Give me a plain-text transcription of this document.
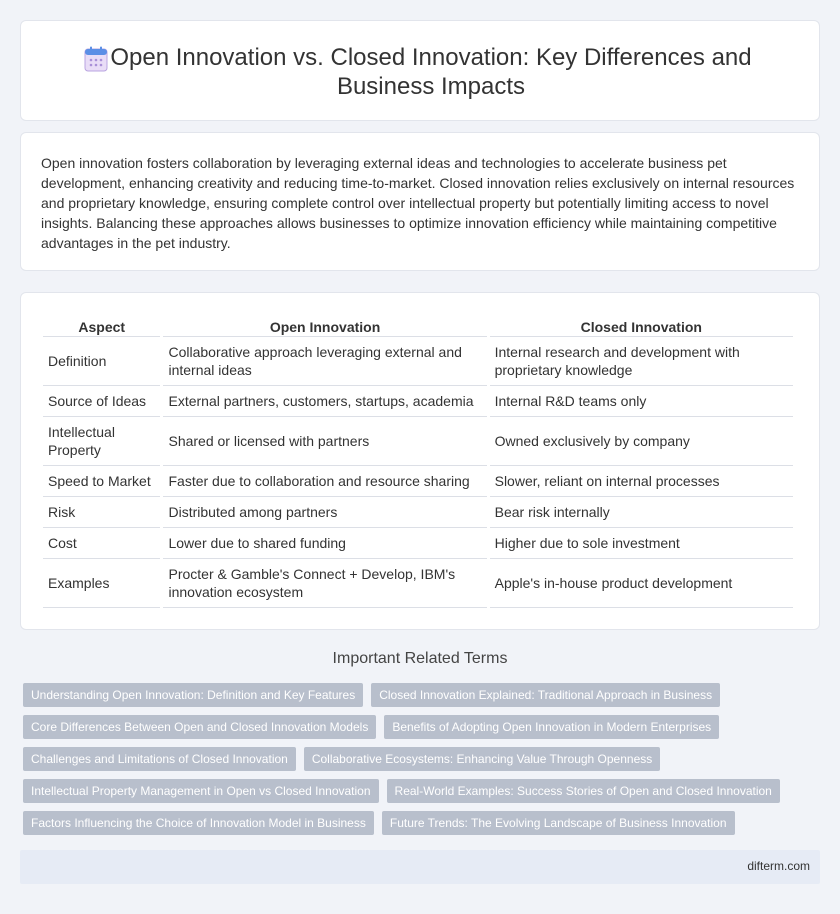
Open Innovation vs. Closed Innovation: Key Differences and Business Impacts

Open innovation fosters collaboration by leveraging external ideas and technologies to accelerate business pet development, enhancing creativity and reducing time-to-market. Closed innovation relies exclusively on internal resources and proprietary knowledge, ensuring complete control over intellectual property but potentially limiting access to novel insights. Balancing these approaches allows businesses to optimize innovation efficiency while maintaining competitive advantages in the pet industry.

Aspect	Open Innovation	Closed Innovation
Definition	Collaborative approach leveraging external and internal ideas	Internal research and development with proprietary knowledge
Source of Ideas	External partners, customers, startups, academia	Internal R&D teams only
Intellectual Property	Shared or licensed with partners	Owned exclusively by company
Speed to Market	Faster due to collaboration and resource sharing	Slower, reliant on internal processes
Risk	Distributed among partners	Bear risk internally
Cost	Lower due to shared funding	Higher due to sole investment
Examples	Procter & Gamble's Connect + Develop, IBM's innovation ecosystem	Apple's in-house product development
Important Related Terms
Understanding Open Innovation: Definition and Key Features	Closed Innovation Explained: Traditional Approach in Business
Core Differences Between Open and Closed Innovation Models	Benefits of Adopting Open Innovation in Modern Enterprises
Challenges and Limitations of Closed Innovation	Collaborative Ecosystems: Enhancing Value Through Openness
Intellectual Property Management in Open vs Closed Innovation	Real-World Examples: Success Stories of Open and Closed Innovation
Factors Influencing the Choice of Innovation Model in Business	Future Trends: The Evolving Landscape of Business Innovation
difterm.com
